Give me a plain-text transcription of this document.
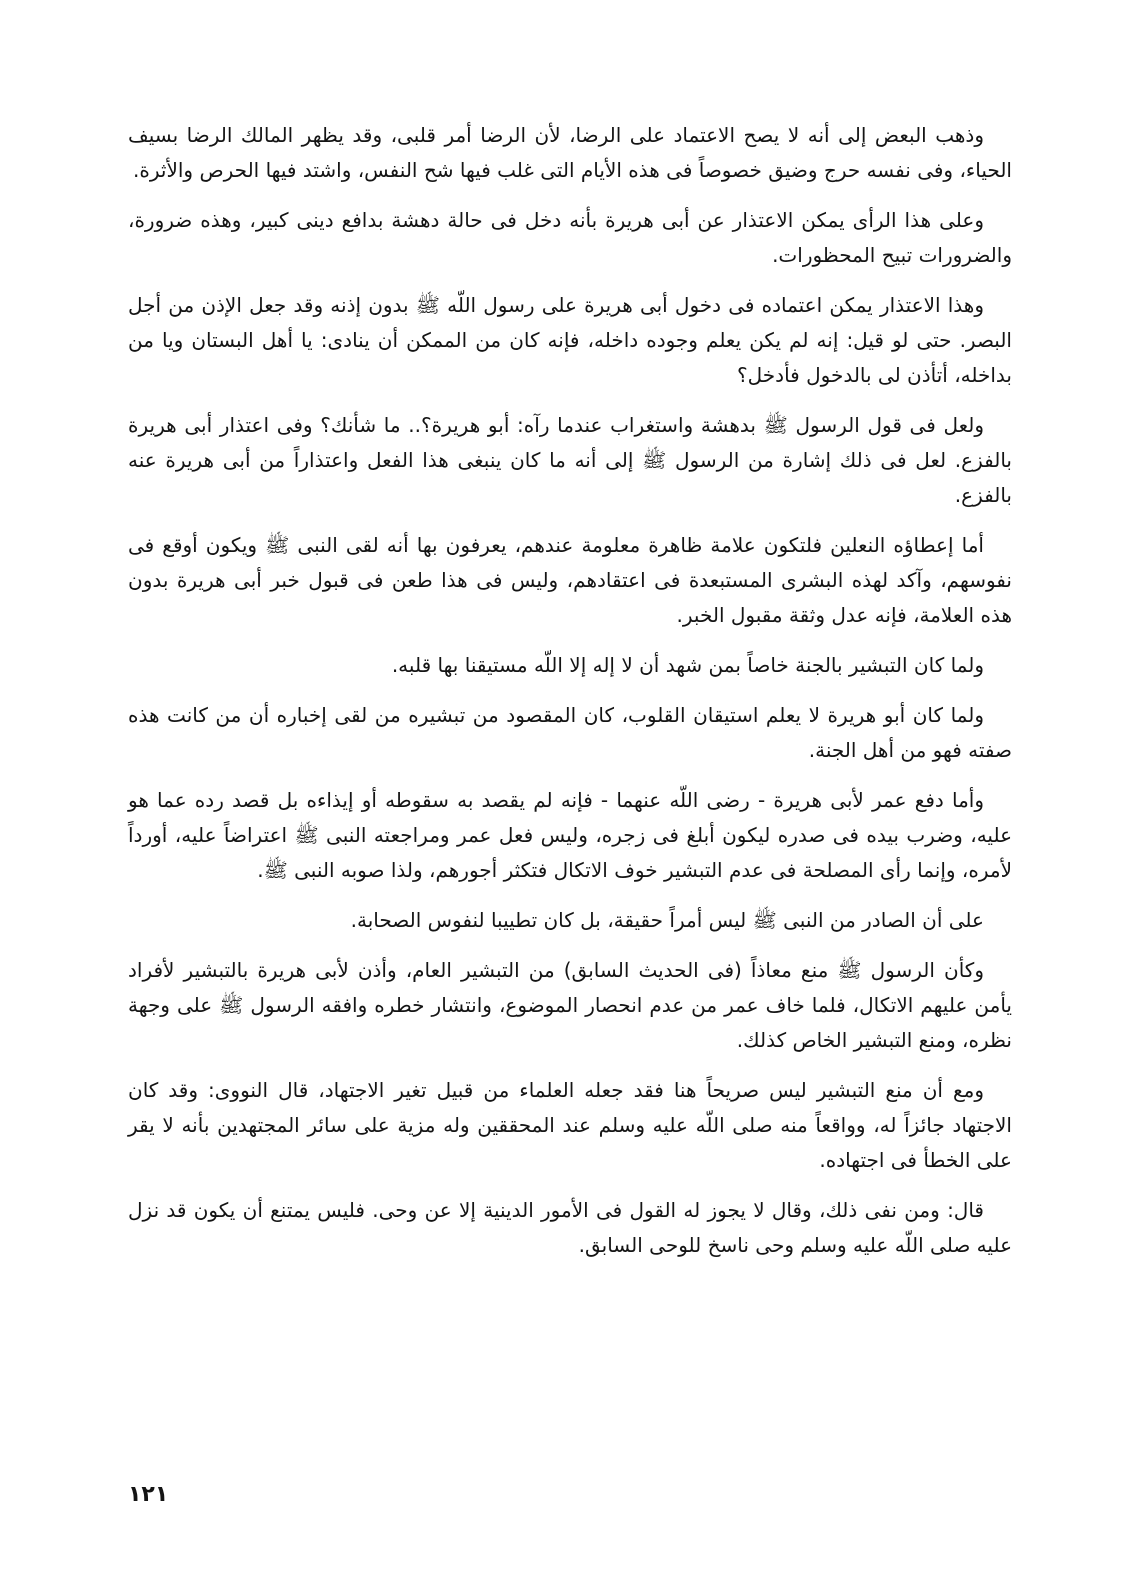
وذهب البعض إلى أنه لا يصح الاعتماد على الرضا، لأن الرضا أمر قلبى، وقد يظهر المالك الرضا بسيف الحياء، وفى نفسه حرج وضيق خصوصاً فى هذه الأيام التى غلب فيها شح النفس، واشتد فيها الحرص والأثرة.

وعلى هذا الرأى يمكن الاعتذار عن أبى هريرة بأنه دخل فى حالة دهشة بدافع دينى كبير، وهذه ضرورة، والضرورات تبيح المحظورات.

وهذا الاعتذار يمكن اعتماده فى دخول أبى هريرة على رسول اللّه ﷺ بدون إذنه وقد جعل الإذن من أجل البصر. حتى لو قيل: إنه لم يكن يعلم وجوده داخله، فإنه كان من الممكن أن ينادى: يا أهل البستان ويا من بداخله، أتأذن لى بالدخول فأدخل؟

ولعل فى قول الرسول ﷺ بدهشة واستغراب عندما رآه: أبو هريرة؟.. ما شأنك؟ وفى اعتذار أبى هريرة بالفزع. لعل فى ذلك إشارة من الرسول ﷺ إلى أنه ما كان ينبغى هذا الفعل واعتذاراً من أبى هريرة عنه بالفزع.

أما إعطاؤه النعلين فلتكون علامة ظاهرة معلومة عندهم، يعرفون بها أنه لقى النبى ﷺ ويكون أوقع فى نفوسهم، وآكد لهذه البشرى المستبعدة فى اعتقادهم، وليس فى هذا طعن فى قبول خبر أبى هريرة بدون هذه العلامة، فإنه عدل وثقة مقبول الخبر.

ولما كان التبشير بالجنة خاصاً بمن شهد أن لا إله إلا اللّه مستيقنا بها قلبه.

ولما كان أبو هريرة لا يعلم استيقان القلوب، كان المقصود من تبشيره من لقى إخباره أن من كانت هذه صفته فهو من أهل الجنة.

وأما دفع عمر لأبى هريرة - رضى اللّه عنهما - فإنه لم يقصد به سقوطه أو إيذاءه بل قصد رده عما هو عليه، وضرب بيده فى صدره ليكون أبلغ فى زجره، وليس فعل عمر ومراجعته النبى ﷺ اعتراضاً عليه، أورداً لأمره، وإنما رأى المصلحة فى عدم التبشير خوف الاتكال فتكثر أجورهم، ولذا صوبه النبى ﷺ.

على أن الصادر من النبى ﷺ ليس أمراً حقيقة، بل كان تطييبا لنفوس الصحابة.

وكأن الرسول ﷺ منع معاذاً (فى الحديث السابق) من التبشير العام، وأذن لأبى هريرة بالتبشير لأفراد يأمن عليهم الاتكال، فلما خاف عمر من عدم انحصار الموضوع، وانتشار خطره وافقه الرسول ﷺ على وجهة نظره، ومنع التبشير الخاص كذلك.

ومع أن منع التبشير ليس صريحاً هنا فقد جعله العلماء من قبيل تغير الاجتهاد، قال النووى: وقد كان الاجتهاد جائزاً له، وواقعاً منه صلى اللّه عليه وسلم عند المحققين وله مزية على سائر المجتهدين بأنه لا يقر على الخطأ فى اجتهاده.

قال: ومن نفى ذلك، وقال لا يجوز له القول فى الأمور الدينية إلا عن وحى. فليس يمتنع أن يكون قد نزل عليه صلى اللّه عليه وسلم وحى ناسخ للوحى السابق.

١٢١
